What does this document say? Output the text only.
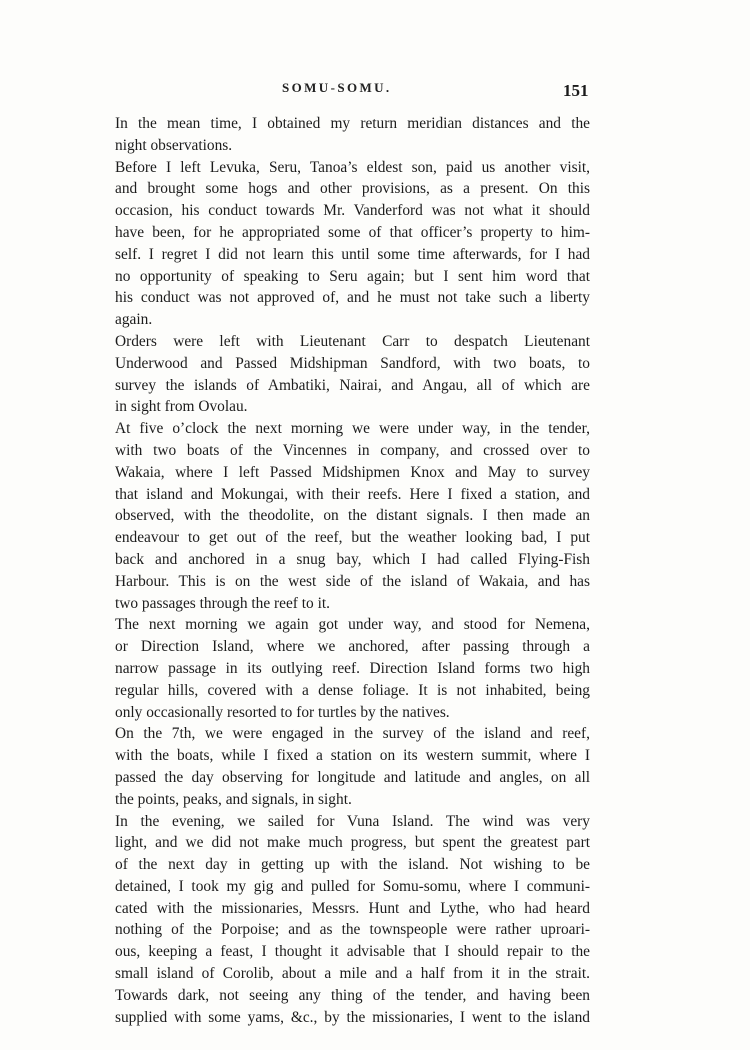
SOMU-SOMU.	151

In the mean time, I obtained my return meridian distances and the
night observations.

Before I left Levuka, Seru, Tanoa’s eldest son, paid us another visit,
and brought some hogs and other provisions, as a present. On this
occasion, his conduct towards Mr. Vanderford was not what it should
have been, for he appropriated some of that officer’s property to him-
self. I regret I did not learn this until some time afterwards, for I had
no opportunity of speaking to Seru again; but I sent him word that
his conduct was not approved of, and he must not take such a liberty
again.

Orders were left with Lieutenant Carr to despatch Lieutenant
Underwood and Passed Midshipman Sandford, with two boats, to
survey the islands of Ambatiki, Nairai, and Angau, all of which are
in sight from Ovolau.

At five o’clock the next morning we were under way, in the tender,
with two boats of the Vincennes in company, and crossed over to
Wakaia, where I left Passed Midshipmen Knox and May to survey
that island and Mokungai, with their reefs. Here I fixed a station, and
observed, with the theodolite, on the distant signals. I then made an
endeavour to get out of the reef, but the weather looking bad, I put
back and anchored in a snug bay, which I had called Flying-Fish
Harbour. This is on the west side of the island of Wakaia, and has
two passages through the reef to it.

The next morning we again got under way, and stood for Nemena,
or Direction Island, where we anchored, after passing through a
narrow passage in its outlying reef. Direction Island forms two high
regular hills, covered with a dense foliage. It is not inhabited, being
only occasionally resorted to for turtles by the natives.

On the 7th, we were engaged in the survey of the island and reef,
with the boats, while I fixed a station on its western summit, where I
passed the day observing for longitude and latitude and angles, on all
the points, peaks, and signals, in sight.

In the evening, we sailed for Vuna Island. The wind was very
light, and we did not make much progress, but spent the greatest part
of the next day in getting up with the island. Not wishing to be
detained, I took my gig and pulled for Somu-somu, where I communi-
cated with the missionaries, Messrs. Hunt and Lythe, who had heard
nothing of the Porpoise; and as the townspeople were rather uproari-
ous, keeping a feast, I thought it advisable that I should repair to the
small island of Corolib, about a mile and a half from it in the strait.
Towards dark, not seeing any thing of the tender, and having been
supplied with some yams, &c., by the missionaries, I went to the island
